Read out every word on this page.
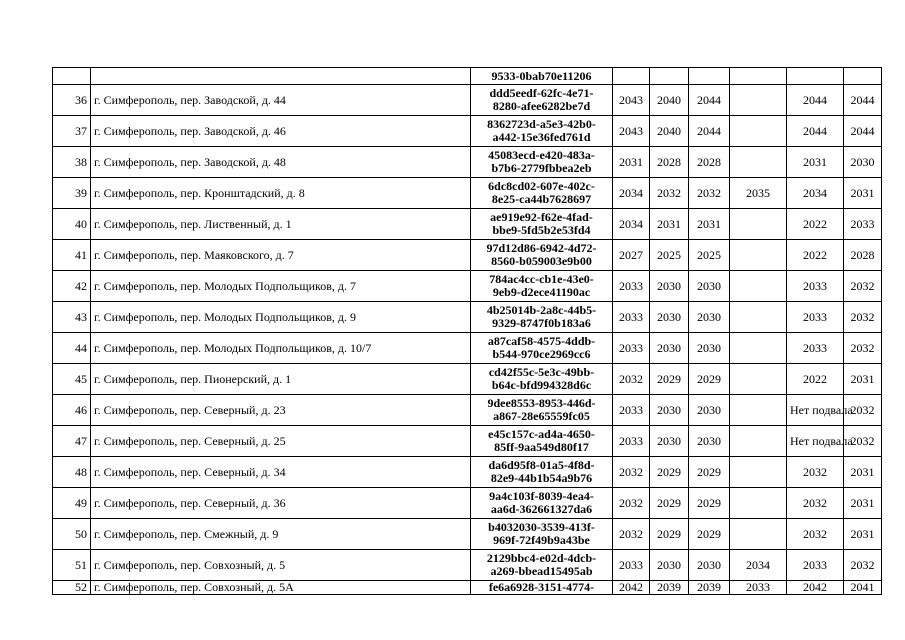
		9533-0bab70e11206						

36	г. Симферополь, пер. Заводской, д. 44	ddd5eedf-62fc-4e71-
8280-afee6282be7d	2043	2040	2044		2044	2044
37	г. Симферополь, пер. Заводской, д. 46	8362723d-a5e3-42b0-
a442-15e36fed761d	2043	2040	2044		2044	2044
38	г. Симферополь, пер. Заводской, д. 48	45083ecd-e420-483a-
b7b6-2779fbbea2eb	2031	2028	2028		2031	2030
39	г. Симферополь, пер. Кронштадский, д. 8	6dc8cd02-607e-402c-
8e25-ca44b7628697	2034	2032	2032	2035	2034	2031
40	г. Симферополь, пер. Лиственный, д. 1	ae919e92-f62e-4fad-
bbe9-5fd5b2e53fd4	2034	2031	2031		2022	2033
41	г. Симферополь, пер. Маяковского, д. 7	97d12d86-6942-4d72-
8560-b059003e9b00	2027	2025	2025		2022	2028
42	г. Симферополь, пер. Молодых Подпольщиков, д. 7	784ac4cc-cb1e-43e0-
9eb9-d2ece41190ac	2033	2030	2030		2033	2032
43	г. Симферополь, пер. Молодых Подпольщиков, д. 9	4b25014b-2a8c-44b5-
9329-8747f0b183a6	2033	2030	2030		2033	2032
44	г. Симферополь, пер. Молодых Подпольщиков, д. 10/7	a87caf58-4575-4ddb-
b544-970ce2969cc6	2033	2030	2030		2033	2032
45	г. Симферополь, пер. Пионерский, д. 1	cd42f55c-5e3c-49bb-
b64c-bfd994328d6c	2032	2029	2029		2022	2031
46	г. Симферополь, пер. Северный, д. 23	9dee8553-8953-446d-
a867-28e65559fc05	2033	2030	2030		Нет подвала	2032
47	г. Симферополь, пер. Северный, д. 25	e45c157c-ad4a-4650-
85ff-9aa549d80f17	2033	2030	2030		Нет подвала	2032
48	г. Симферополь, пер. Северный, д. 34	da6d95f8-01a5-4f8d-
82e9-44b1b54a9b76	2032	2029	2029		2032	2031
49	г. Симферополь, пер. Северный, д. 36	9a4c103f-8039-4ea4-
aa6d-362661327da6	2032	2029	2029		2032	2031
50	г. Симферополь, пер. Смежный, д. 9	b4032030-3539-413f-
969f-72f49b9a43be	2032	2029	2029		2032	2031
51	г. Симферополь, пер. Совхозный, д. 5	2129bbc4-e02d-4dcb-
a269-bbead15495ab	2033	2030	2030	2034	2033	2032
52	г. Симферополь, пер. Совхозный, д. 5А	fe6a6928-3151-4774-	2042	2039	2039	2033	2042	2041
